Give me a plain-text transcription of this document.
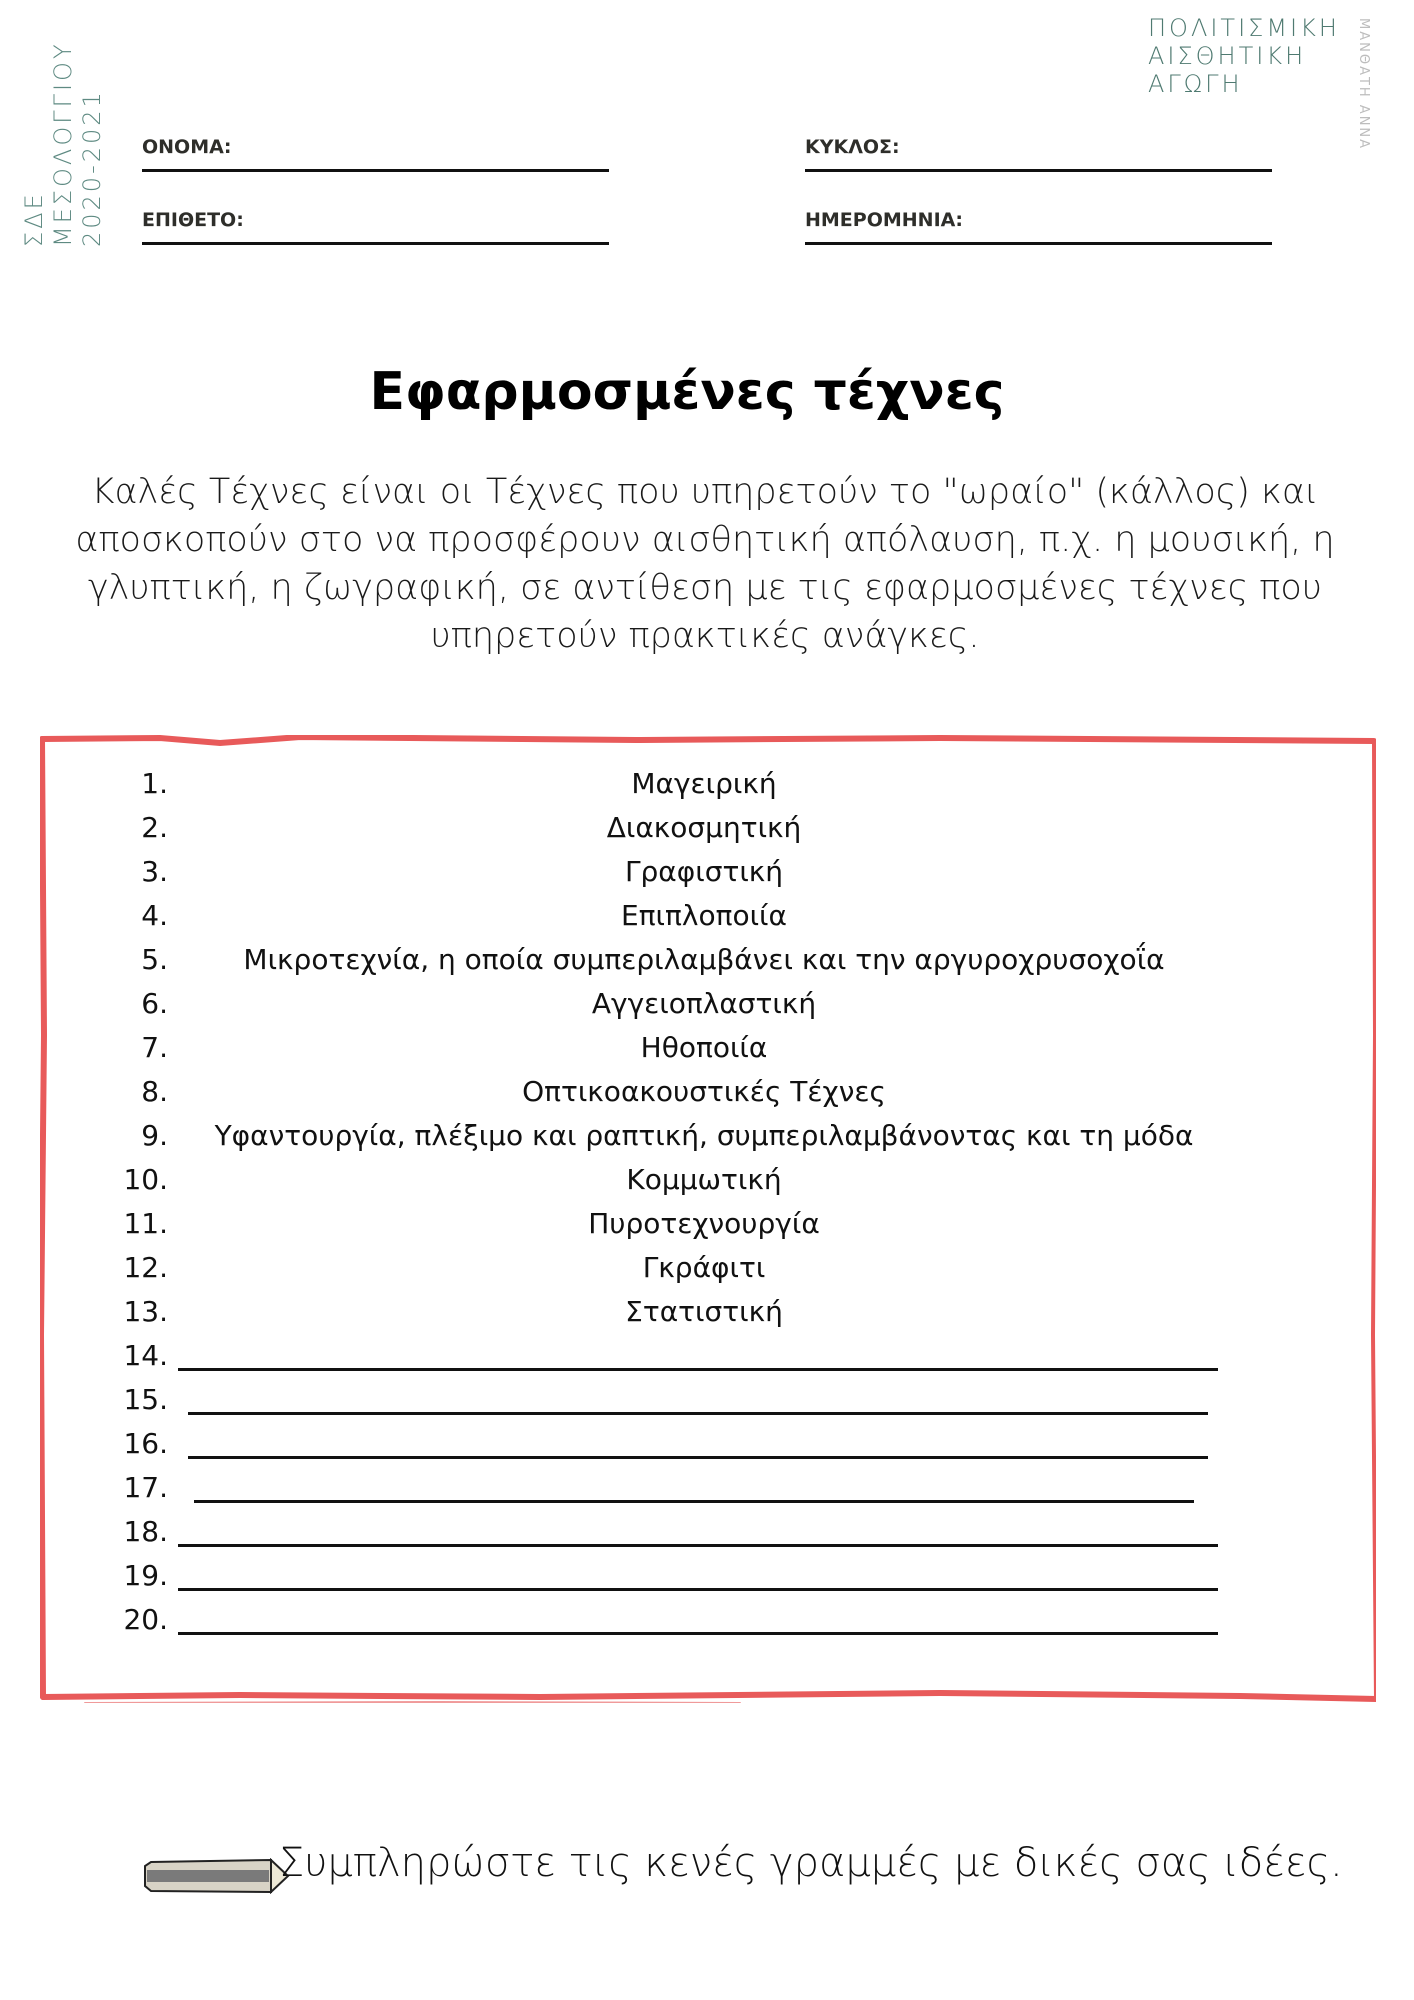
ΣΔΕ ΜΕΣΟΛΟΓΓΙΟΥ 2020-2021
ΠΟΛΙΤΙΣΜΙΚΗ
ΑΙΣΘΗΤΙΚΗ
ΑΓΩΓΗ	ΜΑΝΘΑΤΗ ΑΝΝΑ
ΟΝΟΜΑ:
ΕΠΙΘΕΤΟ:
ΚΥΚΛΟΣ:
ΗΜΕΡΟΜΗΝΙΑ:
Εφαρμοσμένες τέχνες
Καλές Τέχνες είναι οι Τέχνες που υπηρετούν το "ωραίο" (κάλλος) και αποσκοπούν στο να προσφέρουν αισθητική απόλαυση, π.χ. η μουσική, η γλυπτική, η ζωγραφική, σε αντίθεση με τις εφαρμοσμένες τέχνες που υπηρετούν πρακτικές ανάγκες.
1.	Μαγειρική
2.	Διακοσμητική
3.	Γραφιστική
4.	Επιπλοποιία
5.	Μικροτεχνία, η οποία συμπεριλαμβάνει και την αργυροχρυσοχοΐα
6.	Αγγειοπλαστική
7.	Ηθοποιία
8.	Οπτικοακουστικές Τέχνες
9.	Υφαντουργία, πλέξιμο και ραπτική, συμπεριλαμβάνοντας και τη μόδα
10.	Κομμωτική
11.	Πυροτεχνουργία
12.	Γκράφιτι
13.	Στατιστική
14.
15.
16.
17.
18.
19.
20.
Συμπληρώστε τις κενές γραμμές με δικές σας ιδέες.
